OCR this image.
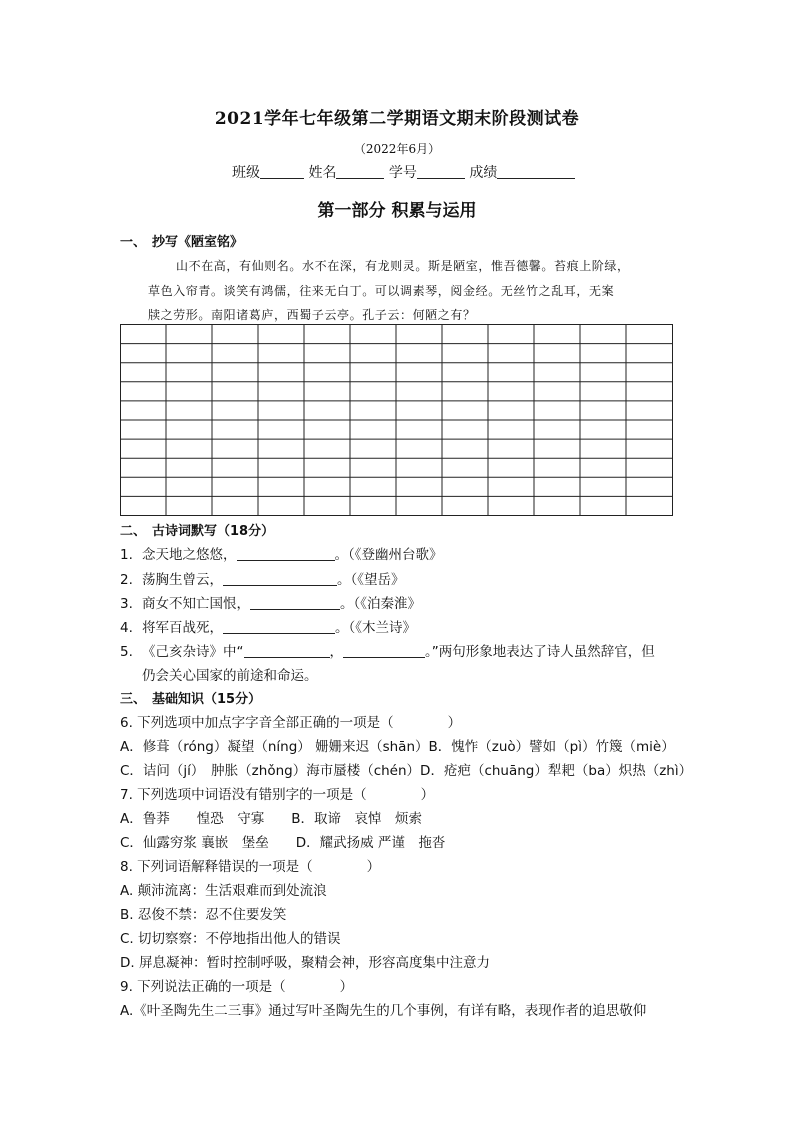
2021学年七年级第二学期语文期末阶段测试卷
（2022年6月）
班级	姓名	学号	成绩
第一部分 积累与运用
一、 抄写《陋室铭》
山不在高，有仙则名。水不在深，有龙则灵。斯是陋室，惟吾德馨。苔痕上阶绿，
草色入帘青。谈笑有鸿儒，往来无白丁。可以调素琴，阅金经。无丝竹之乱耳，无案
牍之劳形。南阳诸葛庐，西蜀子云亭。孔子云：何陋之有？
二、 古诗词默写（18分）
1. 念天地之悠悠，	。（《登幽州台歌》
2. 荡胸生曾云，	。（《望岳》
3. 商女不知亡国恨，	。（《泊秦淮》
4. 将军百战死，	。（《木兰诗》
5. 《己亥杂诗》中“	，	。”两句形象地表达了诗人虽然辞官，但
仍会关心国家的前途和命运。
三、 基础知识（15分）
6. 下列选项中加点字字音全部正确的一项是（　　　　）
A．修葺（róng）凝望（níng） 姗姗来迟（shān）B．愧怍（zuò）譬如（pì）竹篾（miè）
C．诘问（jí）　肿胀（zhǒng）海市蜃楼（chén）D．疮疤（chuāng）犁耙（ba）炽热（zhì）
7. 下列选项中词语没有错别字的一项是（　　　　）
A．鲁莽　　惶恐　守寡　　B．取谛　哀悼　烦索
C．仙露穷浆 襄嵌　堡垒　　D．耀武扬威 严谨　拖沓
8. 下列词语解释错误的一项是（　　　　）
A. 颠沛流离：生活艰难而到处流浪
B. 忍俊不禁：忍不住要发笑
C. 切切察察：不停地指出他人的错误
D. 屏息凝神：暂时控制呼吸，聚精会神，形容高度集中注意力
9. 下列说法正确的一项是（　　　　）
A.《叶圣陶先生二三事》通过写叶圣陶先生的几个事例，有详有略，表现作者的追思敬仰
